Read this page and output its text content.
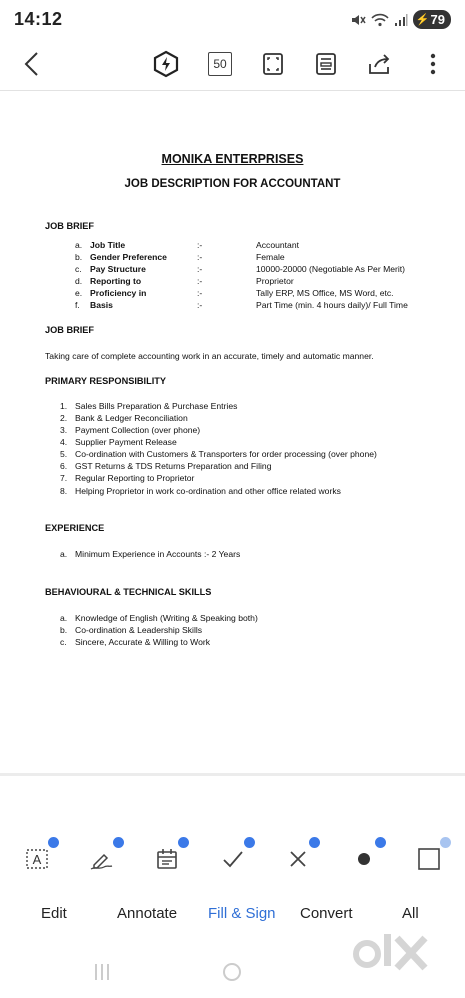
14:12	⚡ 79
50
MONIKA ENTERPRISES
JOB DESCRIPTION FOR ACCOUNTANT
JOB BRIEF
a. Job Title	:-	Accountant
b. Gender Preference	:-	Female
c. Pay Structure	:-	10000-20000 (Negotiable As Per Merit)
d. Reporting to	:-	Proprietor
e. Proficiency in	:-	Tally ERP, MS Office, MS Word, etc.
f. Basis	:-	Part Time (min. 4 hours daily)/ Full Time
JOB BRIEF
Taking care of complete accounting work in an accurate, timely and automatic manner.
PRIMARY RESPONSIBILITY
1. Sales Bills Preparation & Purchase Entries
2. Bank & Ledger Reconciliation
3. Payment Collection (over phone)
4. Supplier Payment Release
5. Co-ordination with Customers & Transporters for order processing (over phone)
6. GST Returns & TDS Returns Preparation and Filing
7. Regular Reporting to Proprietor
8. Helping Proprietor in work co-ordination and other office related works
EXPERIENCE
a. Minimum Experience in Accounts :- 2 Years
BEHAVIOURAL & TECHNICAL SKILLS
a. Knowledge of English (Writing & Speaking both)
b. Co-ordination & Leadership Skills
c. Sincere, Accurate & Willing to Work
A
Edit	Annotate Fill & Sign Convert	All
